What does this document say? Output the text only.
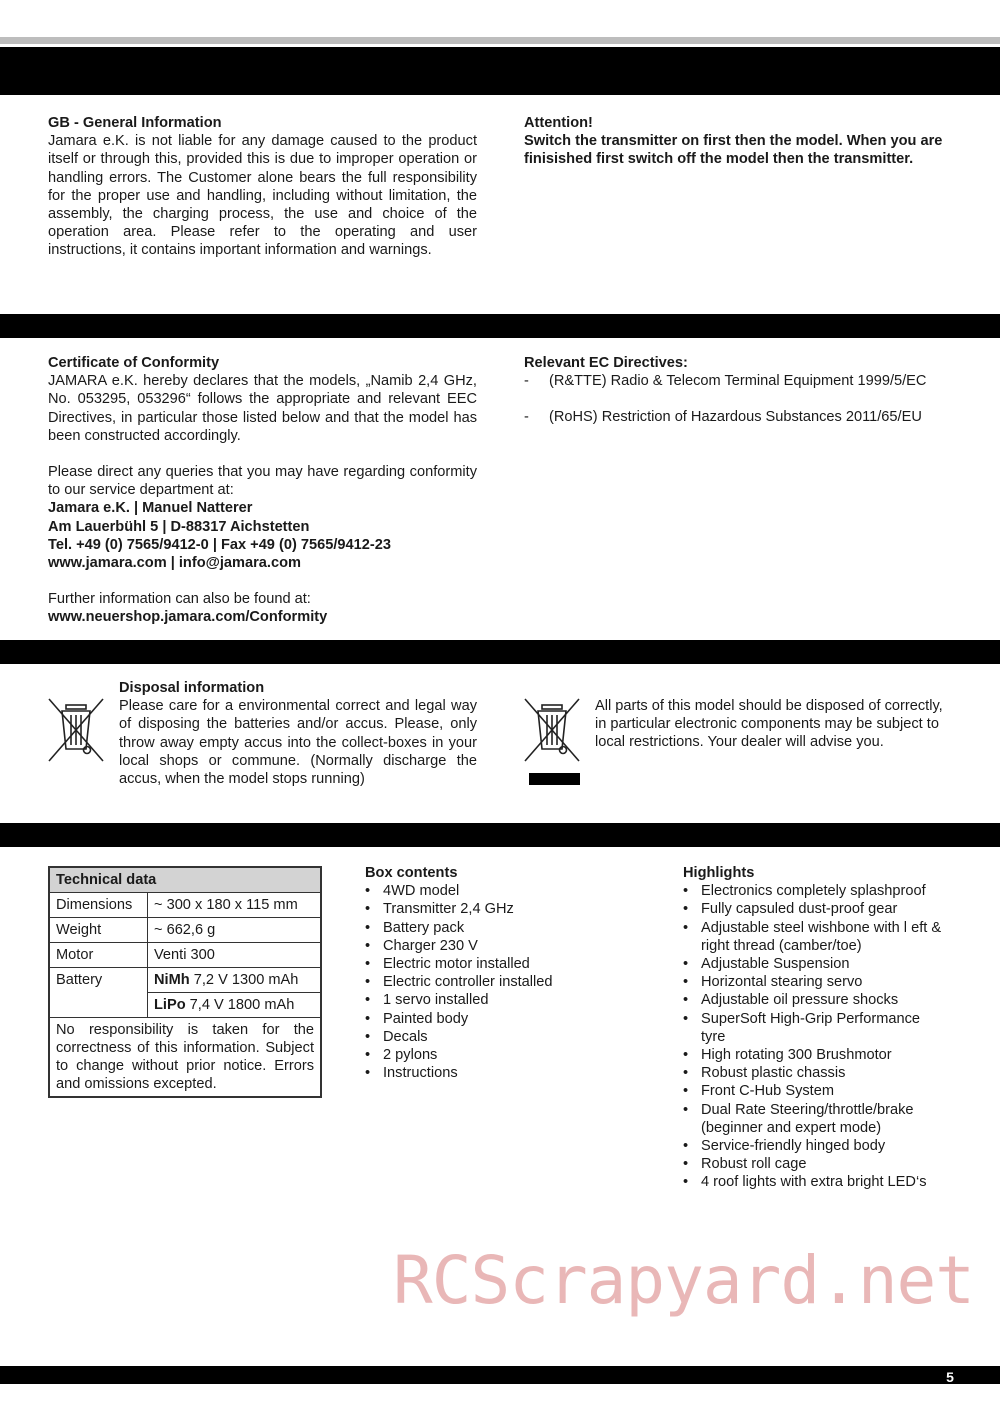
GB - General Information
Jamara e.K. is not liable for any damage caused to the product itself or through this, provided this is due to improper operation or handling errors. The Customer alone bears the full responsibility for the proper use and handling, including without limitation, the assembly, the charging process, the use and choice of the operation area. Please refer to the operating and user instructions, it contains important information and warnings.
Attention!
Switch the transmitter on first then the model. When you are finisished first switch off the model then the transmitter.
Certificate of Conformity
JAMARA e.K. hereby declares that the models, „Namib 2,4 GHz, No. 053295, 053296“ follows the appropriate and relevant EEC Directives, in particular those listed below and that the model has been constructed accordingly.
Please direct any queries that you may have regarding conformity to our service department at:
Jamara e.K. | Manuel Natterer
Am Lauerbühl 5 | D-88317 Aichstetten
Tel. +49 (0) 7565/9412-0 | Fax +49 (0) 7565/9412-23
www.jamara.com | info@jamara.com
Further information can also be found at:
www.neuershop.jamara.com/Conformity
Relevant EC Directives:
- (R&TTE) Radio & Telecom Terminal Equipment 1999/5/EC
- (RoHS) Restriction of Hazardous Substances 2011/65/EU
Disposal information
Please care for a environmental correct and legal way of disposing the batteries and/or accus. Please, only throw away empty accus into the collect-boxes in your local shops or commune. (Normally discharge the accus, when the model stops running)
All parts of this model should be disposed of correctly, in particular electronic components may be subject to local restrictions. Your dealer will advise you.
Technical data	
Dimensions	~ 300 x 180 x 115 mm
Weight	~ 662,6 g
Motor	Venti 300
Battery	NiMh 7,2 V 1300 mAh
	LiPo 7,4 V 1800 mAh
No responsibility is taken for the correctness of this information. Subject to change without prior notice. Errors and omissions excepted.	
Box contents
• 4WD model
• Transmitter 2,4 GHz
• Battery pack
• Charger 230 V
• Electric motor installed
• Electric controller installed
• 1 servo installed
• Painted body
• Decals
• 2 pylons
• Instructions
Highlights
• Electronics completely splashproof
• Fully capsuled dust-proof gear
• Adjustable steel wishbone with l eft & right thread (camber/toe)
• Adjustable Suspension
• Horizontal stearing servo
• Adjustable oil pressure shocks
• SuperSoft High-Grip Performance tyre
• High rotating 300 Brushmotor
• Robust plastic chassis
• Front C-Hub System
• Dual Rate Steering/throttle/brake (beginner and expert mode)
• Service-friendly hinged body
• Robust roll cage
• 4 roof lights with extra bright LED‘s
RCScrapyard.net
5
